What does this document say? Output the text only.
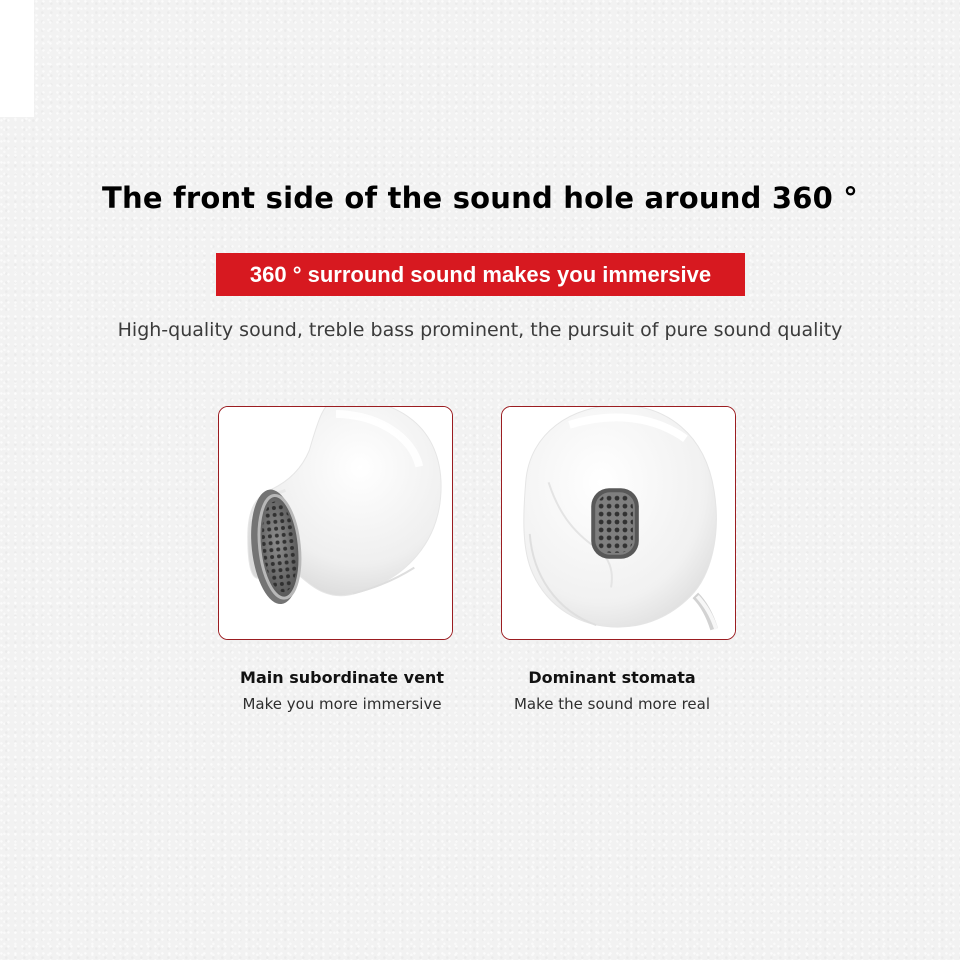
The front side of the sound hole around 360 °
360 ° surround sound makes you immersive
High-quality sound, treble bass prominent, the pursuit of pure sound quality
Main subordinate vent
Make you more immersive
Dominant stomata
Make the sound more real
